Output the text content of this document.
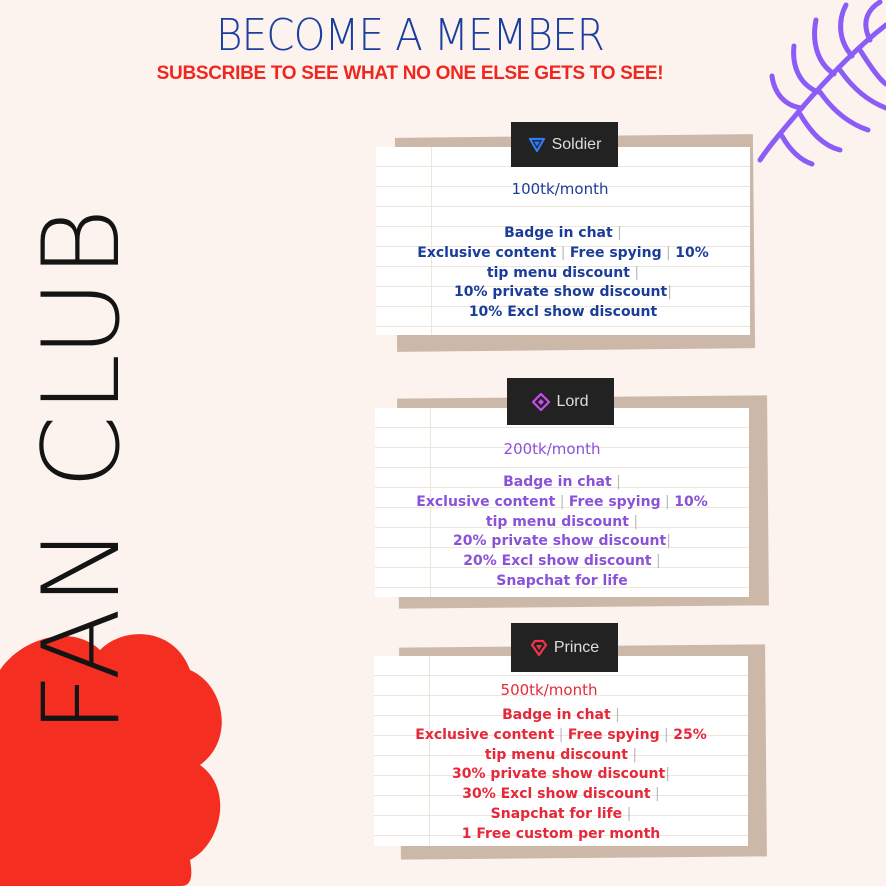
BECOME A MEMBER
SUBSCRIBE TO SEE WHAT NO ONE ELSE GETS TO SEE!
FAN CLUB
100tk/month
Badge in chat |
Exclusive content | Free spying | 10%
tip menu discount |
10% private show discount|
10% Excl show discount
Soldier
200tk/month
Badge in chat |
Exclusive content | Free spying | 10%
tip menu discount |
20% private show discount|
20% Excl show discount |
Snapchat for life
Lord
500tk/month
Badge in chat |
Exclusive content | Free spying | 25%
tip menu discount |
30% private show discount|
30% Excl show discount |
Snapchat for life |
1 Free custom per month
Prince
